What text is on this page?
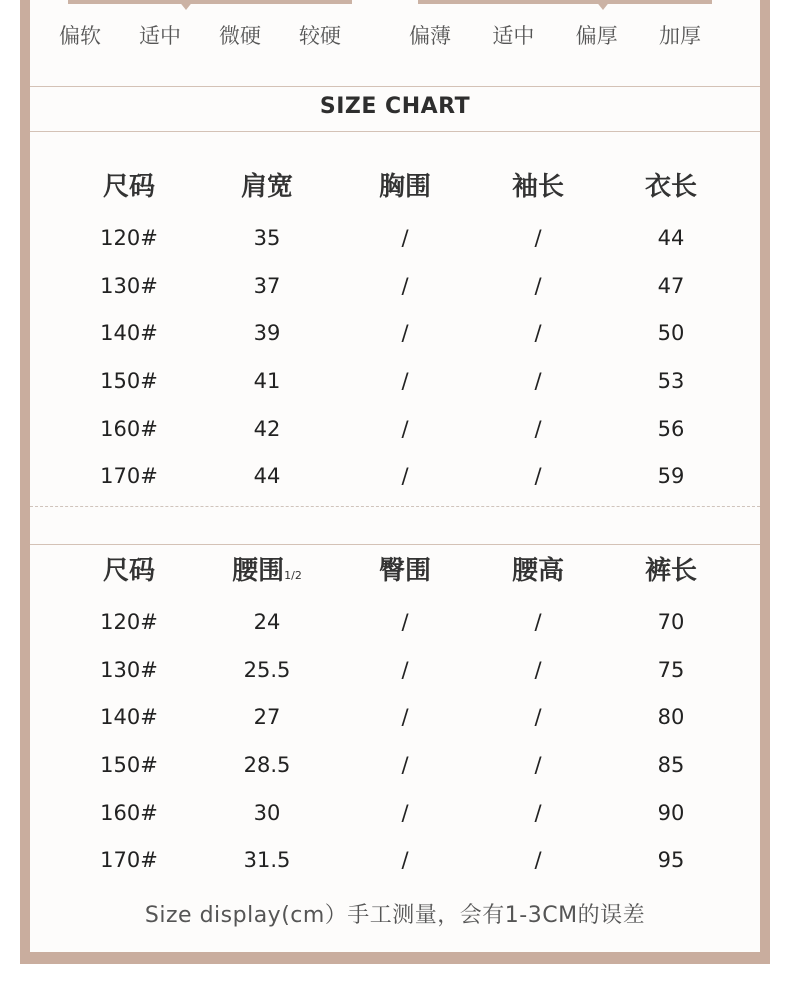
偏软	适中	微硬	较硬	偏薄	适中	偏厚	加厚
SIZE CHART
尺码	肩宽	胸围	袖长	衣长
120#	35	/	/	44
130#	37	/	/	47
140#	39	/	/	50
150#	41	/	/	53
160#	42	/	/	56
170#	44	/	/	59
尺码	腰围1/2	臀围	腰高	裤长
120#	24	/	/	70
130#	25.5	/	/	75
140#	27	/	/	80
150#	28.5	/	/	85
160#	30	/	/	90
170#	31.5	/	/	95
Size display(cm）手工测量，会有1-3CM的误差
